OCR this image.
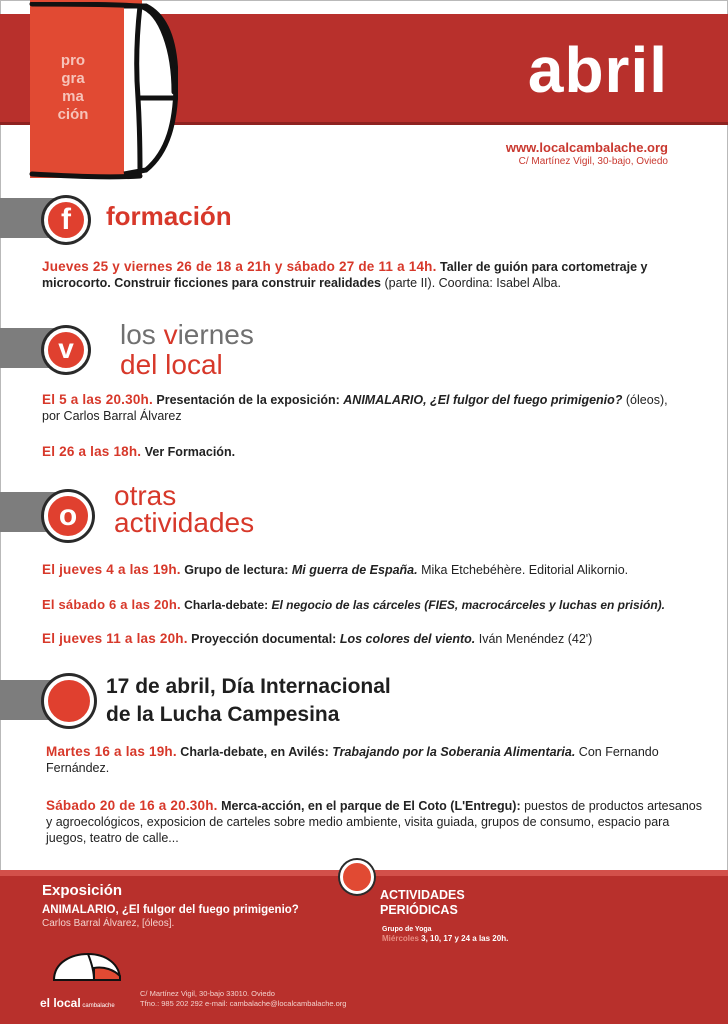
pro
gra
ma
ción
abril
www.localcambalache.org
C/ Martínez Vigil, 30-bajo, Oviedo
f	formación
Jueves 25 y viernes 26 de 18 a 21h y sábado 27 de 11 a 14h. Taller de guión para cortometraje y microcorto. Construir ficciones para construir realidades (parte II). Coordina: Isabel Alba.
v	los viernes
del local
El 5 a las 20.30h. Presentación de la exposición: ANIMALARIO, ¿El fulgor del fuego primigenio? (óleos), por Carlos Barral Álvarez
El 26 a las 18h. Ver Formación.
o
otras
actividades
El jueves 4 a las 19h. Grupo de lectura: Mi guerra de España. Mika Etchebéhère. Editorial Alikornio.
El sábado 6 a las 20h. Charla-debate: El negocio de las cárceles (FIES, macrocárceles y luchas en prisión).
El jueves 11 a las 20h. Proyección documental: Los colores del viento. Iván Menéndez (42')
17 de abril, Día Internacional
de la Lucha Campesina
Martes 16 a las 19h. Charla-debate, en Avilés: Trabajando por la Soberania Alimentaria. Con Fernando Fernández.
Sábado 20 de 16 a 20.30h. Merca-acción, en el parque de El Coto (L'Entregu): puestos de productos artesanos y agroecológicos, exposicion de carteles sobre medio ambiente, visita guiada, grupos de consumo, espacio para juegos, teatro de calle...
Exposición
ANIMALARIO, ¿El fulgor del fuego primigenio?
Carlos Barral Álvarez, [óleos].
ACTIVIDADES
PERIÓDICAS
Grupo de Yoga
Miércoles 3, 10, 17 y 24 a las 20h.
el local cambalache
C/ Martínez Vigil, 30-bajo 33010. Oviedo
Tfno.: 985 202 292 e-mail: cambalache@localcambalache.org
